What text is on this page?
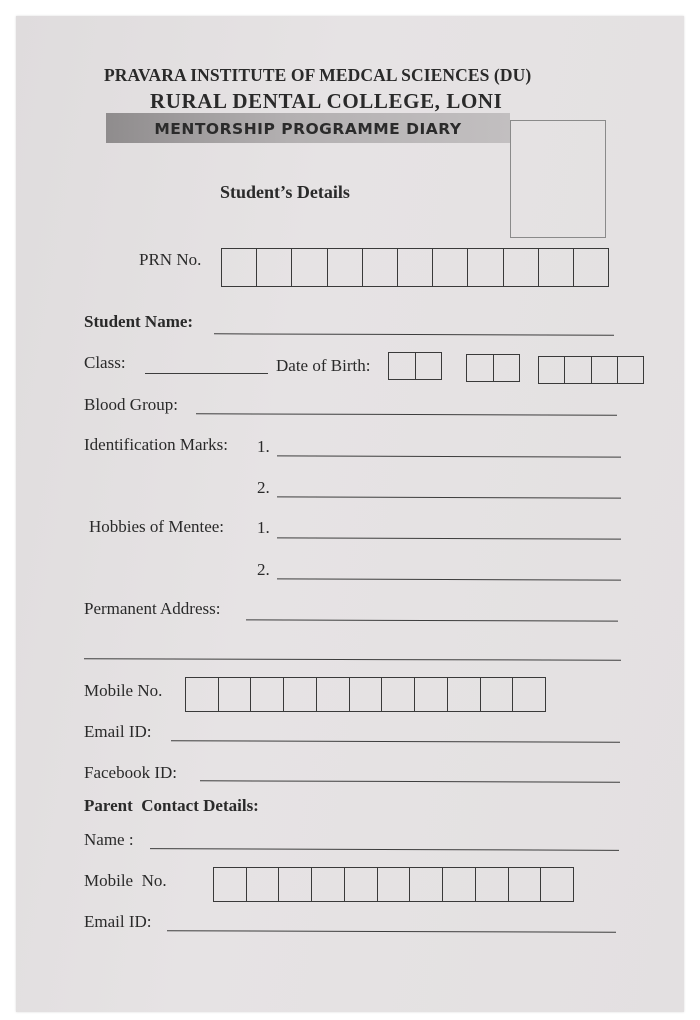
PRAVARA INSTITUTE OF MEDCAL SCIENCES (DU)
RURAL DENTAL COLLEGE, LONI
MENTORSHIP PROGRAMME DIARY
Student’s Details
PRN No.
Student Name:
Class:	Date of Birth:
Blood Group:
Identification Marks: 1.
2.
Hobbies of Mentee: 1.
2.
Permanent Address:
Mobile No.
Email ID:
Facebook ID:
Parent  Contact Details:
Name :
Mobile  No.
Email ID:
